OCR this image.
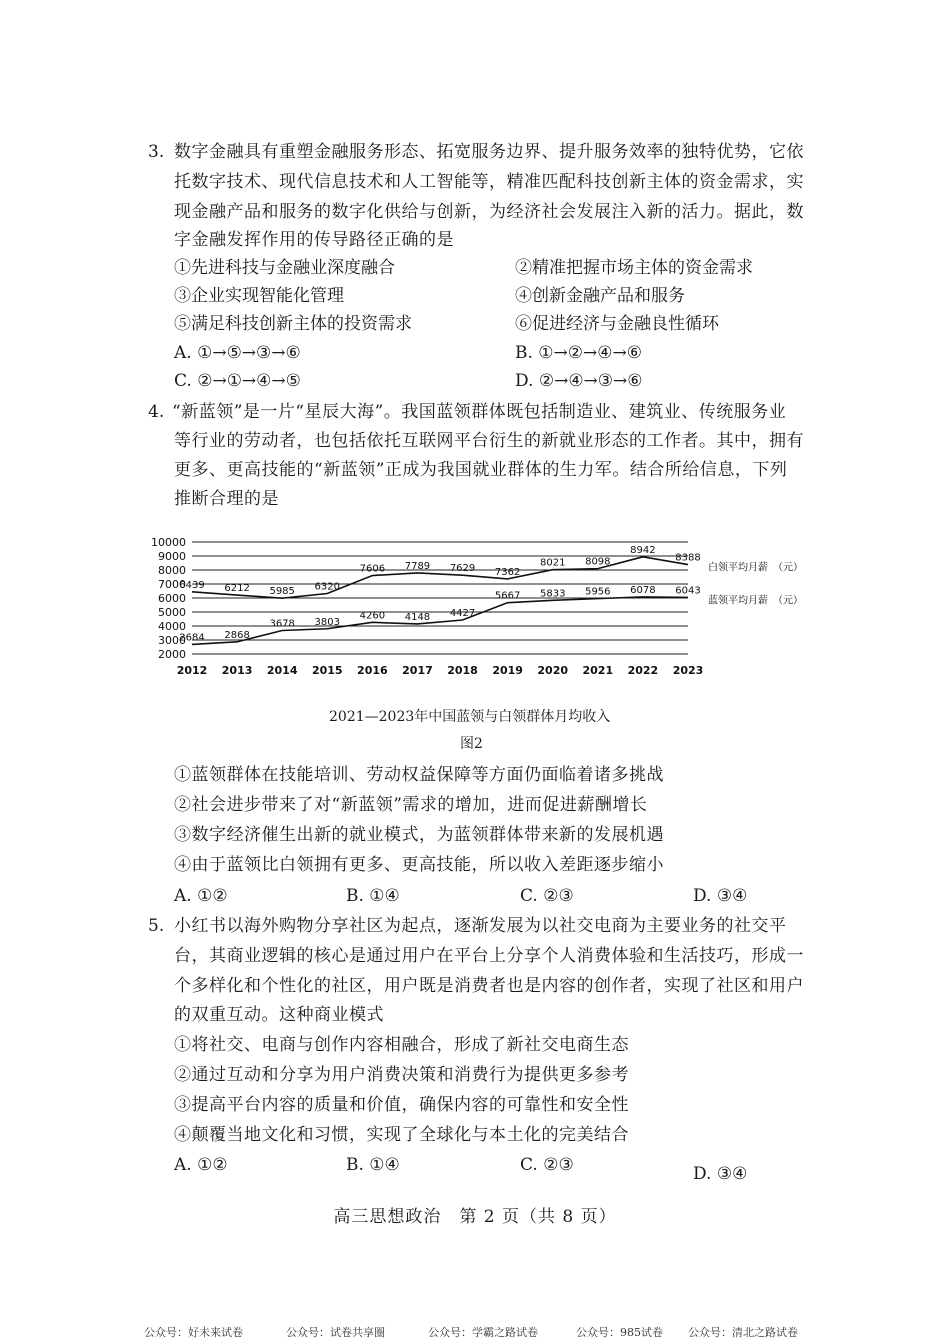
3. 数字金融具有重塑金融服务形态、拓宽服务边界、提升服务效率的独特优势，它依
托数字技术、现代信息技术和人工智能等，精准匹配科技创新主体的资金需求，实
现金融产品和服务的数字化供给与创新，为经济社会发展注入新的活力。据此，数
字金融发挥作用的传导路径正确的是
①先进科技与金融业深度融合	②精准把握市场主体的资金需求
③企业实现智能化管理	④创新金融产品和服务
⑤满足科技创新主体的投资需求	⑥促进经济与金融良性循环
A. ①→⑤→③→⑥	B. ①→②→④→⑥
C. ②→①→④→⑤	D. ②→④→③→⑥
4. “新蓝领”是一片“星辰大海”。我国蓝领群体既包括制造业、建筑业、传统服务业
等行业的劳动者，也包括依托互联网平台衍生的新就业形态的工作者。其中，拥有
更多、更高技能的“新蓝领”正成为我国就业群体的生力军。结合所给信息，下列
推断合理的是
10000
9000
8000
7000
6000
5000
4000
3000
2000
2012 2013 2014 2015 2016 2017 2018 2019 2020 2021 2022 2023
6439 6212 5985 6320
7606 7789 7629 7362
8021 8098
8942
8388
白领平均月薪　（元）
2684 2868
3678 3803
4260 4148 4427
5667 5833 5956 6078 6043
蓝领平均月薪　（元）
2021—2023年中国蓝领与白领群体月均收入
图2
①蓝领群体在技能培训、劳动权益保障等方面仍面临着诸多挑战
②社会进步带来了对“新蓝领”需求的增加，进而促进薪酬增长
③数字经济催生出新的就业模式，为蓝领群体带来新的发展机遇
④由于蓝领比白领拥有更多、更高技能，所以收入差距逐步缩小
A. ①②	B. ①④	C. ②③	D. ③④
5. 小红书以海外购物分享社区为起点，逐渐发展为以社交电商为主要业务的社交平
台，其商业逻辑的核心是通过用户在平台上分享个人消费体验和生活技巧，形成一
个多样化和个性化的社区，用户既是消费者也是内容的创作者，实现了社区和用户
的双重互动。这种商业模式
①将社交、电商与创作内容相融合，形成了新社交电商生态
②通过互动和分享为用户消费决策和消费行为提供更多参考
③提高平台内容的质量和价值，确保内容的可靠性和安全性
④颠覆当地文化和习惯，实现了全球化与本土化的完美结合
A. ①②	B. ①④	C. ②③	D. ③④
高三思想政治　第 2 页（共 8 页）
公众号：好未来试卷	公众号：试卷共享圈	公众号：学霸之路试卷	公众号：985试卷 公众号：清北之路试卷
